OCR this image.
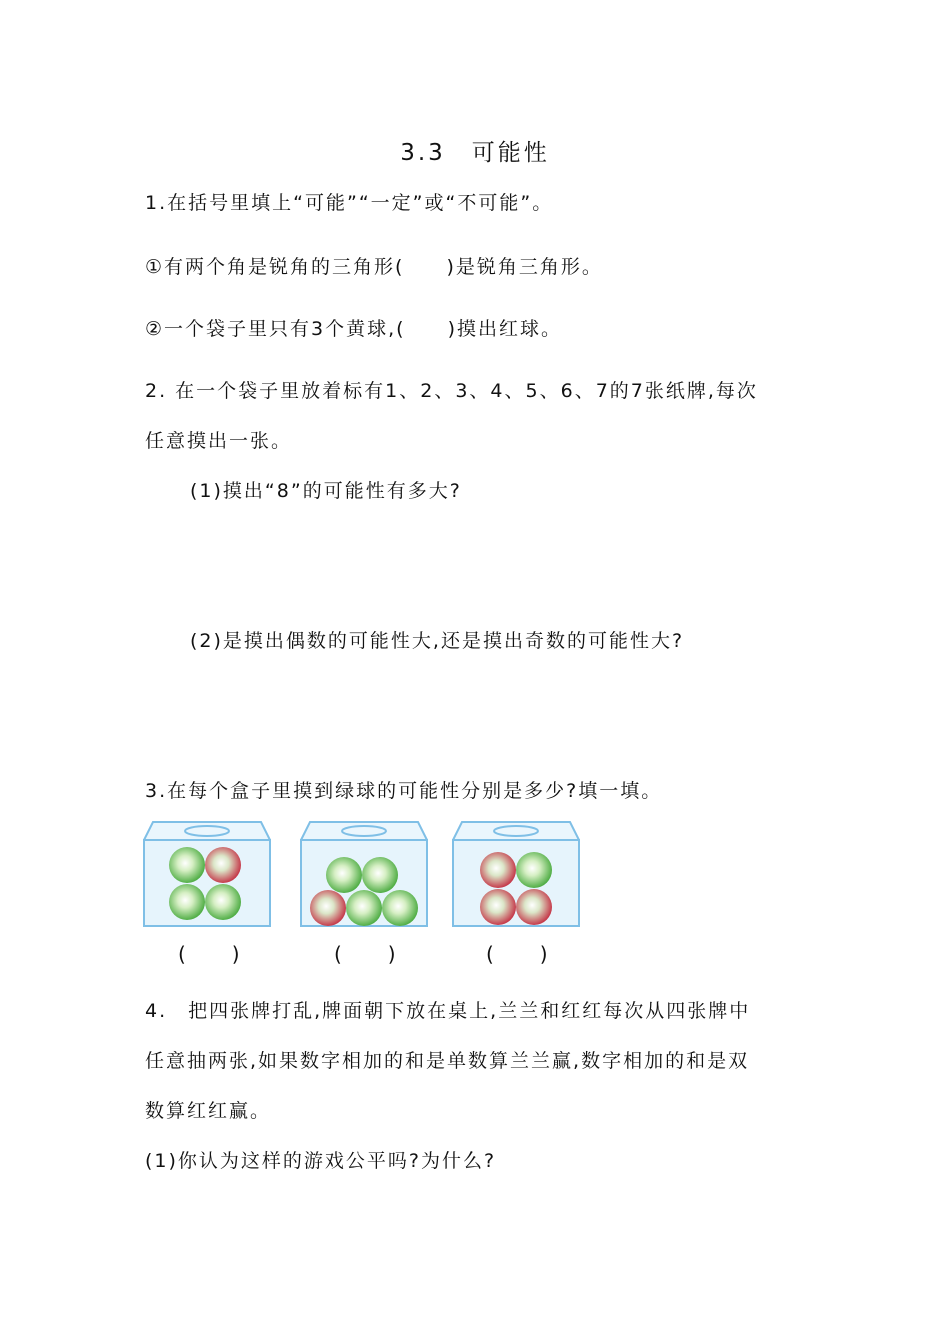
3.3　可能性
1.在括号里填上“可能”“一定”或“不可能”。
①有两个角是锐角的三角形(　　)是锐角三角形。
②一个袋子里只有3个黄球,(　　)摸出红球。
2. 在一个袋子里放着标有1、2、3、4、5、6、7的7张纸牌,每次
任意摸出一张。
(1)摸出“8”的可能性有多大?
(2)是摸出偶数的可能性大,还是摸出奇数的可能性大?
3.在每个盒子里摸到绿球的可能性分别是多少?填一填。
(　　)	(　　)	(　　)
4.　把四张牌打乱,牌面朝下放在桌上,兰兰和红红每次从四张牌中
任意抽两张,如果数字相加的和是单数算兰兰赢,数字相加的和是双
数算红红赢。
(1)你认为这样的游戏公平吗?为什么?
